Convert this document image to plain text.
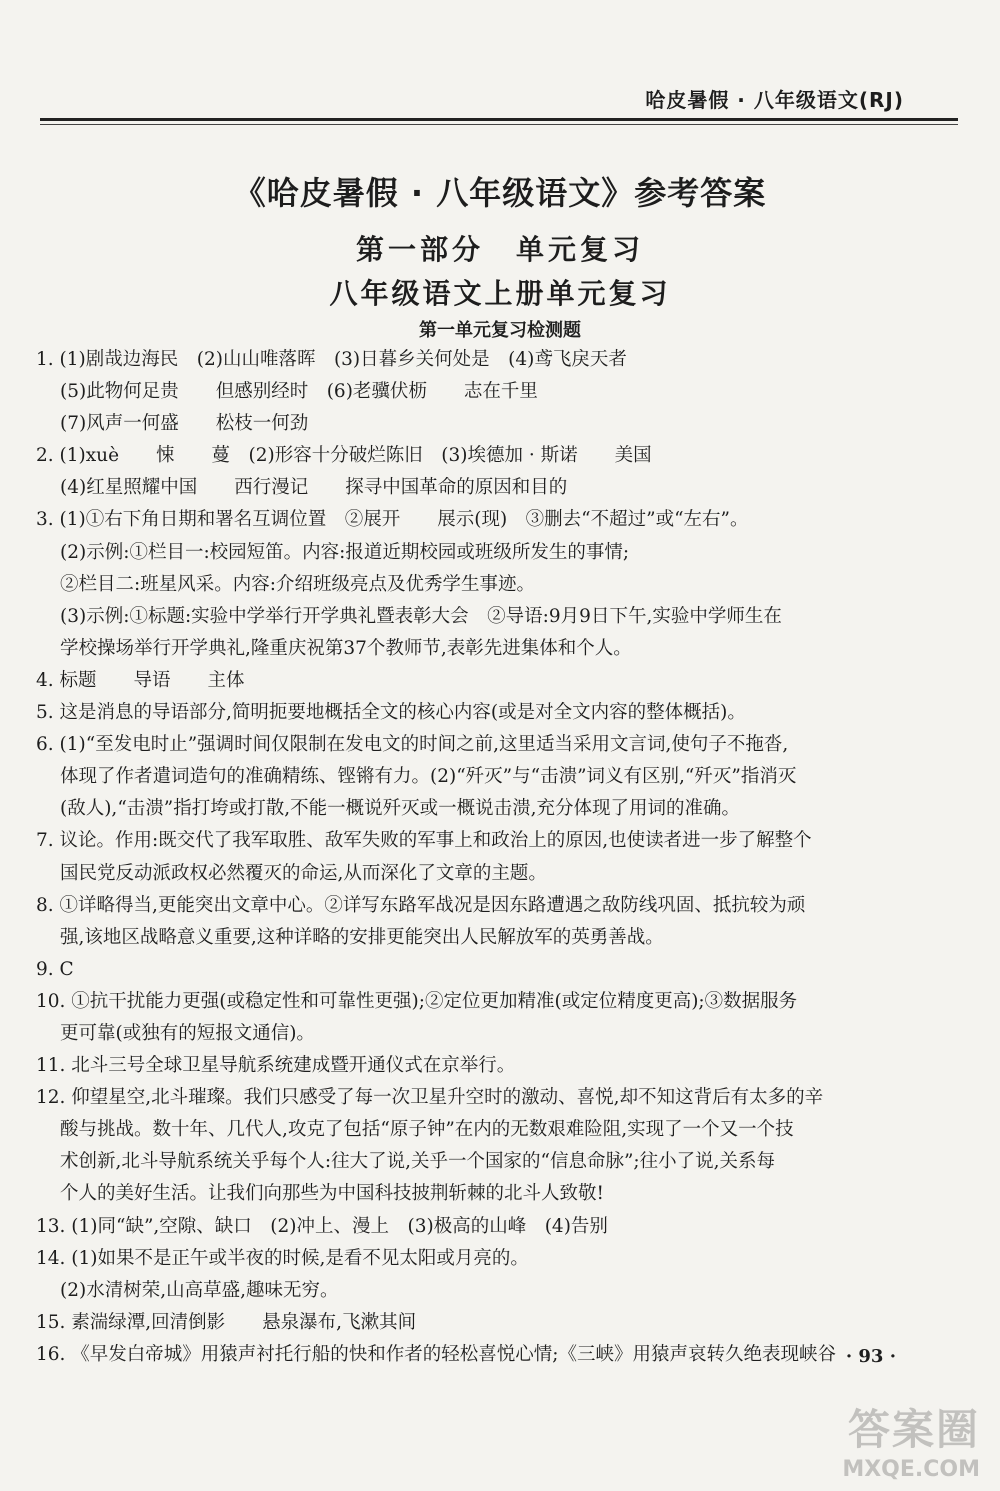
哈皮暑假 · 八年级语文(RJ)
《哈皮暑假 · 八年级语文》参考答案
第一部分　单元复习
八年级语文上册单元复习
第一单元复习检测题
1. (1)剧哉边海民　(2)山山唯落晖　(3)日暮乡关何处是　(4)鸢飞戾天者
(5)此物何足贵　　但感别经时　(6)老骥伏枥　　志在千里
(7)风声一何盛　　松枝一何劲
2. (1)xuè　　悚　　蔓　(2)形容十分破烂陈旧　(3)埃德加 · 斯诺　　美国
(4)红星照耀中国　　西行漫记　　探寻中国革命的原因和目的
3. (1)①右下角日期和署名互调位置　②展开　　展示(现)　③删去“不超过”或“左右”。
(2)示例:①栏目一:校园短笛。内容:报道近期校园或班级所发生的事情;
②栏目二:班星风采。内容:介绍班级亮点及优秀学生事迹。
(3)示例:①标题:实验中学举行开学典礼暨表彰大会　②导语:9月9日下午,实验中学师生在
学校操场举行开学典礼,隆重庆祝第37个教师节,表彰先进集体和个人。
4. 标题　　导语　　主体
5. 这是消息的导语部分,简明扼要地概括全文的核心内容(或是对全文内容的整体概括)。
6. (1)“至发电时止”强调时间仅限制在发电文的时间之前,这里适当采用文言词,使句子不拖沓,
体现了作者遣词造句的准确精练、铿锵有力。(2)“歼灭”与“击溃”词义有区别,“歼灭”指消灭
(敌人),“击溃”指打垮或打散,不能一概说歼灭或一概说击溃,充分体现了用词的准确。
7. 议论。作用:既交代了我军取胜、敌军失败的军事上和政治上的原因,也使读者进一步了解整个
国民党反动派政权必然覆灭的命运,从而深化了文章的主题。
8. ①详略得当,更能突出文章中心。②详写东路军战况是因东路遭遇之敌防线巩固、抵抗较为顽
强,该地区战略意义重要,这种详略的安排更能突出人民解放军的英勇善战。
9. C
10. ①抗干扰能力更强(或稳定性和可靠性更强);②定位更加精准(或定位精度更高);③数据服务
更可靠(或独有的短报文通信)。
11. 北斗三号全球卫星导航系统建成暨开通仪式在京举行。
12. 仰望星空,北斗璀璨。我们只感受了每一次卫星升空时的激动、喜悦,却不知这背后有太多的辛
酸与挑战。数十年、几代人,攻克了包括“原子钟”在内的无数艰难险阻,实现了一个又一个技
术创新,北斗导航系统关乎每个人:往大了说,关乎一个国家的“信息命脉”;往小了说,关系每
个人的美好生活。让我们向那些为中国科技披荆斩棘的北斗人致敬!
13. (1)同“缺”,空隙、缺口　(2)冲上、漫上　(3)极高的山峰　(4)告别
14. (1)如果不是正午或半夜的时候,是看不见太阳或月亮的。
(2)水清树荣,山高草盛,趣味无穷。
15. 素湍绿潭,回清倒影　　悬泉瀑布,飞漱其间
16. 《早发白帝城》用猿声衬托行船的快和作者的轻松喜悦心情;《三峡》用猿声哀转久绝表现峡谷 · 93 ·
答案圈
MXQE.COM
